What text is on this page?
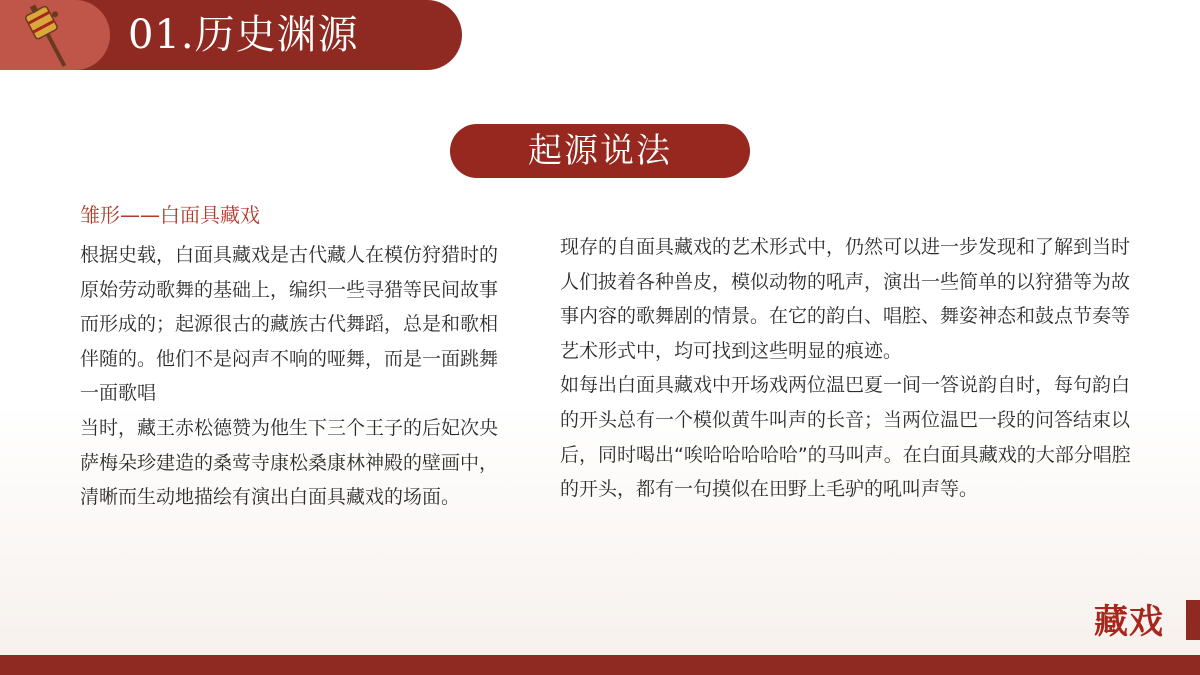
01.历史渊源
起源说法
雏形——白面具藏戏

根据史载，白面具藏戏是古代藏人在模仿狩猎时的原始劳动歌舞的基础上，编织一些寻猎等民间故事而形成的；起源很古的藏族古代舞蹈，总是和歌相伴随的。他们不是闷声不响的哑舞，而是一面跳舞一面歌唱

当时，藏王赤松德赞为他生下三个王子的后妃次央萨梅朵珍建造的桑莺寺康松桑康林神殿的壁画中，清晰而生动地描绘有演出白面具藏戏的场面。

现存的自面具藏戏的艺术形式中，仍然可以进一步发现和了解到当时人们披着各种兽皮，模似动物的吼声，演出一些简单的以狩猎等为故事内容的歌舞剧的情景。在它的韵白、唱腔、舞姿神态和鼓点节奏等艺术形式中，均可找到这些明显的痕迹。

如每出白面具藏戏中开场戏两位温巴夏一间一答说韵自时，每句韵白的开头总有一个模似黄牛叫声的长音；当两位温巴一段的问答结束以后，同时喝出“唉哈哈哈哈哈”的马叫声。在白面具藏戏的大部分唱腔的开头，都有一句摸似在田野上毛驴的吼叫声等。

藏戏
